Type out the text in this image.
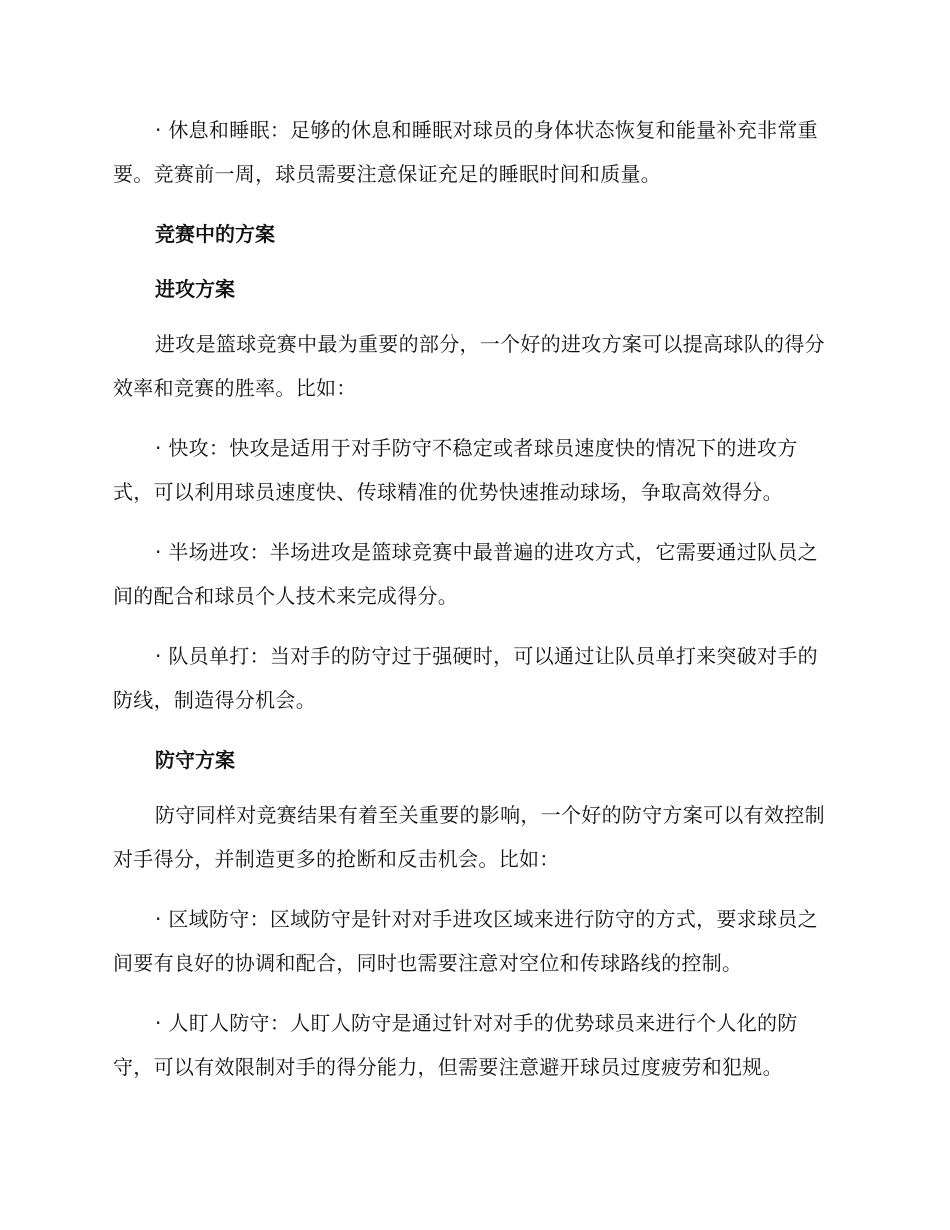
· 休息和睡眠：足够的休息和睡眠对球员的身体状态恢复和能量补充非常重要。竞赛前一周，球员需要注意保证充足的睡眠时间和质量。

竞赛中的方案
进攻方案

进攻是篮球竞赛中最为重要的部分，一个好的进攻方案可以提高球队的得分效率和竞赛的胜率。比如：

· 快攻：快攻是适用于对手防守不稳定或者球员速度快的情况下的进攻方式，可以利用球员速度快、传球精准的优势快速推动球场，争取高效得分。

· 半场进攻：半场进攻是篮球竞赛中最普遍的进攻方式，它需要通过队员之间的配合和球员个人技术来完成得分。

· 队员单打：当对手的防守过于强硬时，可以通过让队员单打来突破对手的防线，制造得分机会。

防守方案

防守同样对竞赛结果有着至关重要的影响，一个好的防守方案可以有效控制对手得分，并制造更多的抢断和反击机会。比如：

· 区域防守：区域防守是针对对手进攻区域来进行防守的方式，要求球员之间要有良好的协调和配合，同时也需要注意对空位和传球路线的控制。

· 人盯人防守：人盯人防守是通过针对对手的优势球员来进行个人化的防守，可以有效限制对手的得分能力，但需要注意避开球员过度疲劳和犯规。
